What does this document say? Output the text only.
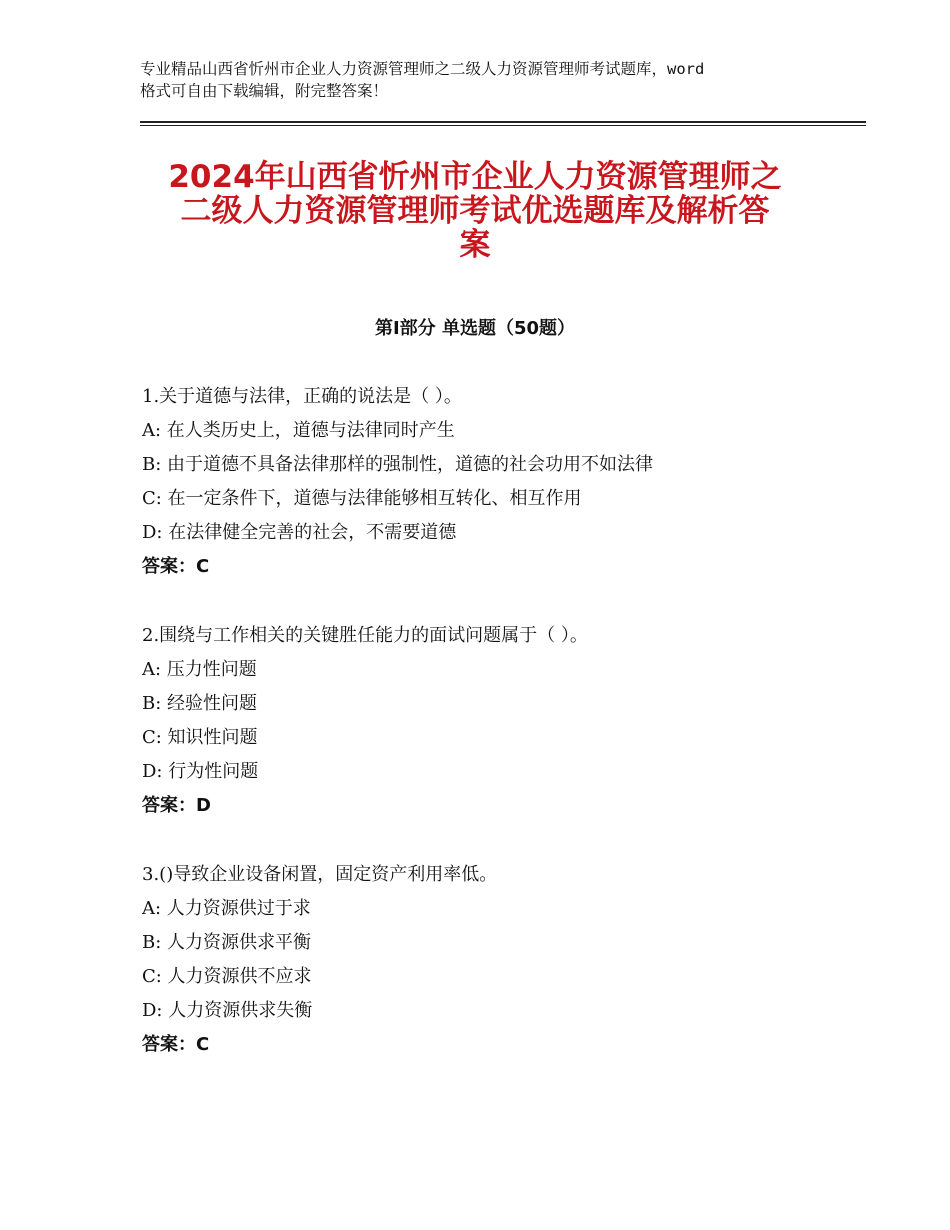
专业精品山西省忻州市企业人力资源管理师之二级人力资源管理师考试题库，word
格式可自由下载编辑，附完整答案！
2024年山西省忻州市企业人力资源管理师之
二级人力资源管理师考试优选题库及解析答
案
第Ⅰ部分 单选题（50题）
1.关于道德与法律，正确的说法是（ ）。
A: 在人类历史上，道德与法律同时产生
B: 由于道德不具备法律那样的强制性，道德的社会功用不如法律
C: 在一定条件下，道德与法律能够相互转化、相互作用
D: 在法律健全完善的社会，不需要道德
答案：C
2.围绕与工作相关的关键胜任能力的面试问题属于（ ）。
A: 压力性问题
B: 经验性问题
C: 知识性问题
D: 行为性问题
答案：D
3.()导致企业设备闲置，固定资产利用率低。
A: 人力资源供过于求
B: 人力资源供求平衡
C: 人力资源供不应求
D: 人力资源供求失衡
答案：C
